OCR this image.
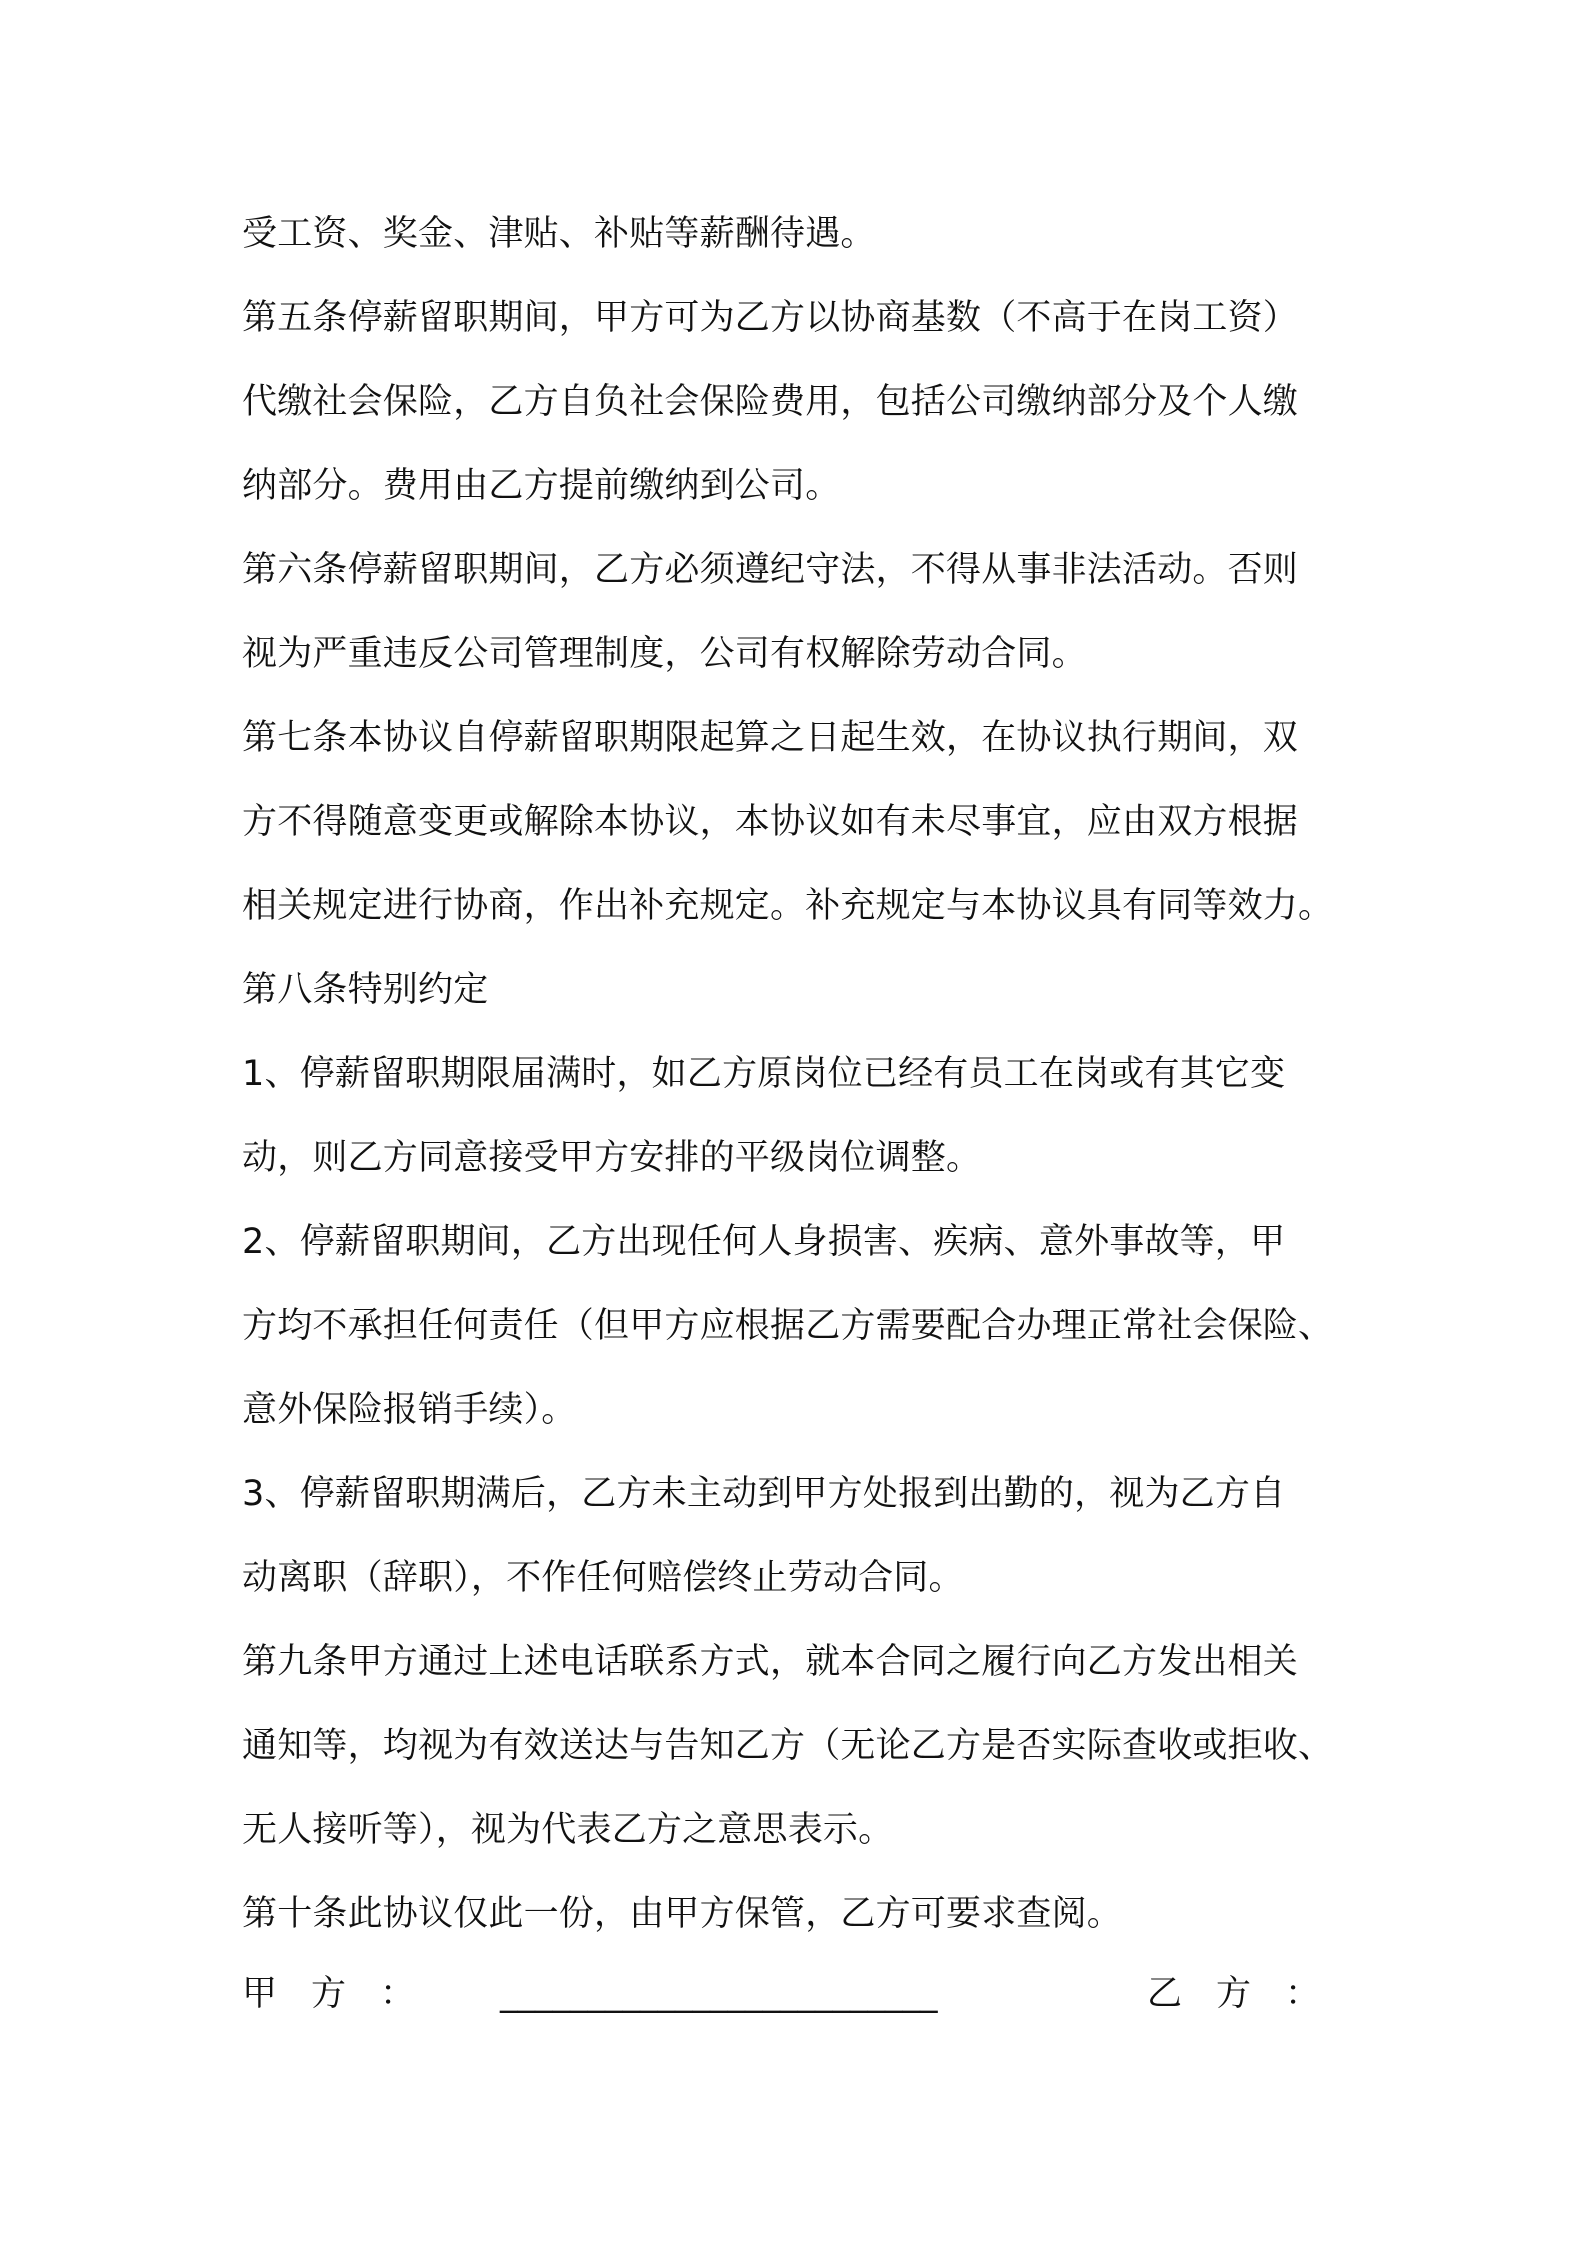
受工资、奖金、津贴、补贴等薪酬待遇。
第五条停薪留职期间，甲方可为乙方以协商基数（不高于在岗工资）
代缴社会保险，乙方自负社会保险费用，包括公司缴纳部分及个人缴
纳部分。费用由乙方提前缴纳到公司。
第六条停薪留职期间，乙方必须遵纪守法，不得从事非法活动。否则
视为严重违反公司管理制度，公司有权解除劳动合同。
第七条本协议自停薪留职期限起算之日起生效，在协议执行期间，双
方不得随意变更或解除本协议，本协议如有未尽事宜，应由双方根据
相关规定进行协商，作出补充规定。补充规定与本协议具有同等效力。
第八条特别约定
1、停薪留职期限届满时，如乙方原岗位已经有员工在岗或有其它变
动，则乙方同意接受甲方安排的平级岗位调整。
2、停薪留职期间，乙方出现任何人身损害、疾病、意外事故等，甲
方均不承担任何责任（但甲方应根据乙方需要配合办理正常社会保险、
意外保险报销手续）。
3、停薪留职期满后，乙方未主动到甲方处报到出勤的，视为乙方自
动离职（辞职），不作任何赔偿终止劳动合同。
第九条甲方通过上述电话联系方式，就本合同之履行向乙方发出相关
通知等，均视为有效送达与告知乙方（无论乙方是否实际查收或拒收、
无人接听等），视为代表乙方之意思表示。
第十条此协议仅此一份，由甲方保管，乙方可要求查阅。
甲方： _________________________	乙方：
